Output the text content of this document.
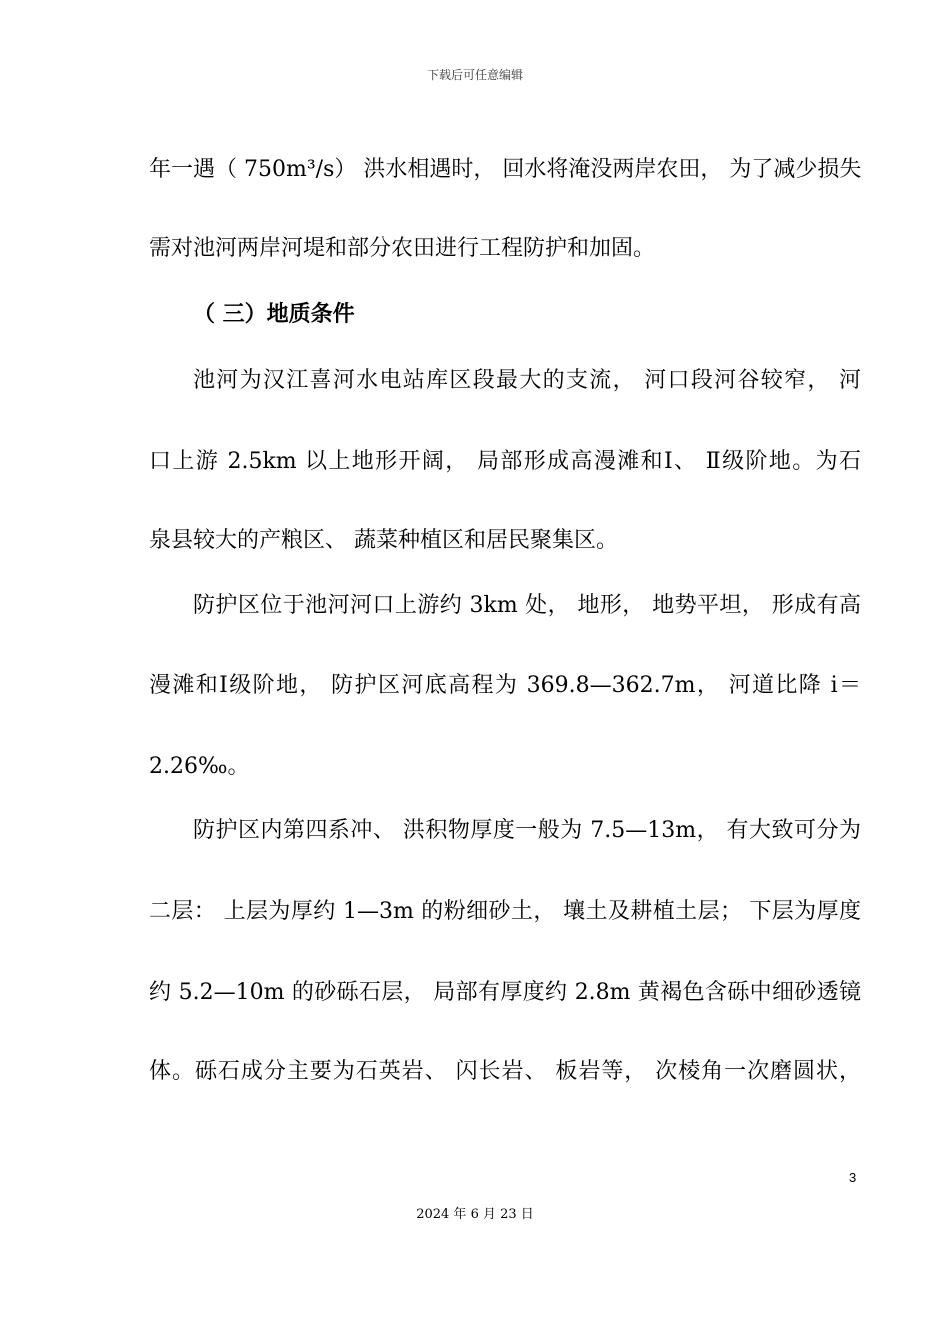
下载后可任意编辑
年一遇（ 750m³/s） 洪水相遇时， 回水将淹没两岸农田， 为了减少损失
需对池河两岸河堤和部分农田进行工程防护和加固。
（ 三）地质条件
池河为汉江喜河水电站库区段最大的支流， 河口段河谷较窄， 河
口上游 2.5km 以上地形开阔， 局部形成高漫滩和Ⅰ、 Ⅱ级阶地。为石
泉县较大的产粮区、 蔬菜种植区和居民聚集区。
防护区位于池河河口上游约 3km 处， 地形， 地势平坦， 形成有高
漫滩和Ⅰ级阶地， 防护区河底高程为 369.8—362.7m， 河道比降 i＝
2.26‰。
防护区内第四系冲、 洪积物厚度一般为 7.5—13m， 有大致可分为
二层： 上层为厚约 1—3m 的粉细砂土， 壤土及耕植土层； 下层为厚度
约 5.2—10m 的砂砾石层， 局部有厚度约 2.8m 黄褐色含砾中细砂透镜
体。砾石成分主要为石英岩、 闪长岩、 板岩等， 次棱角一次磨圆状，
3
2024 年 6 月 23 日
